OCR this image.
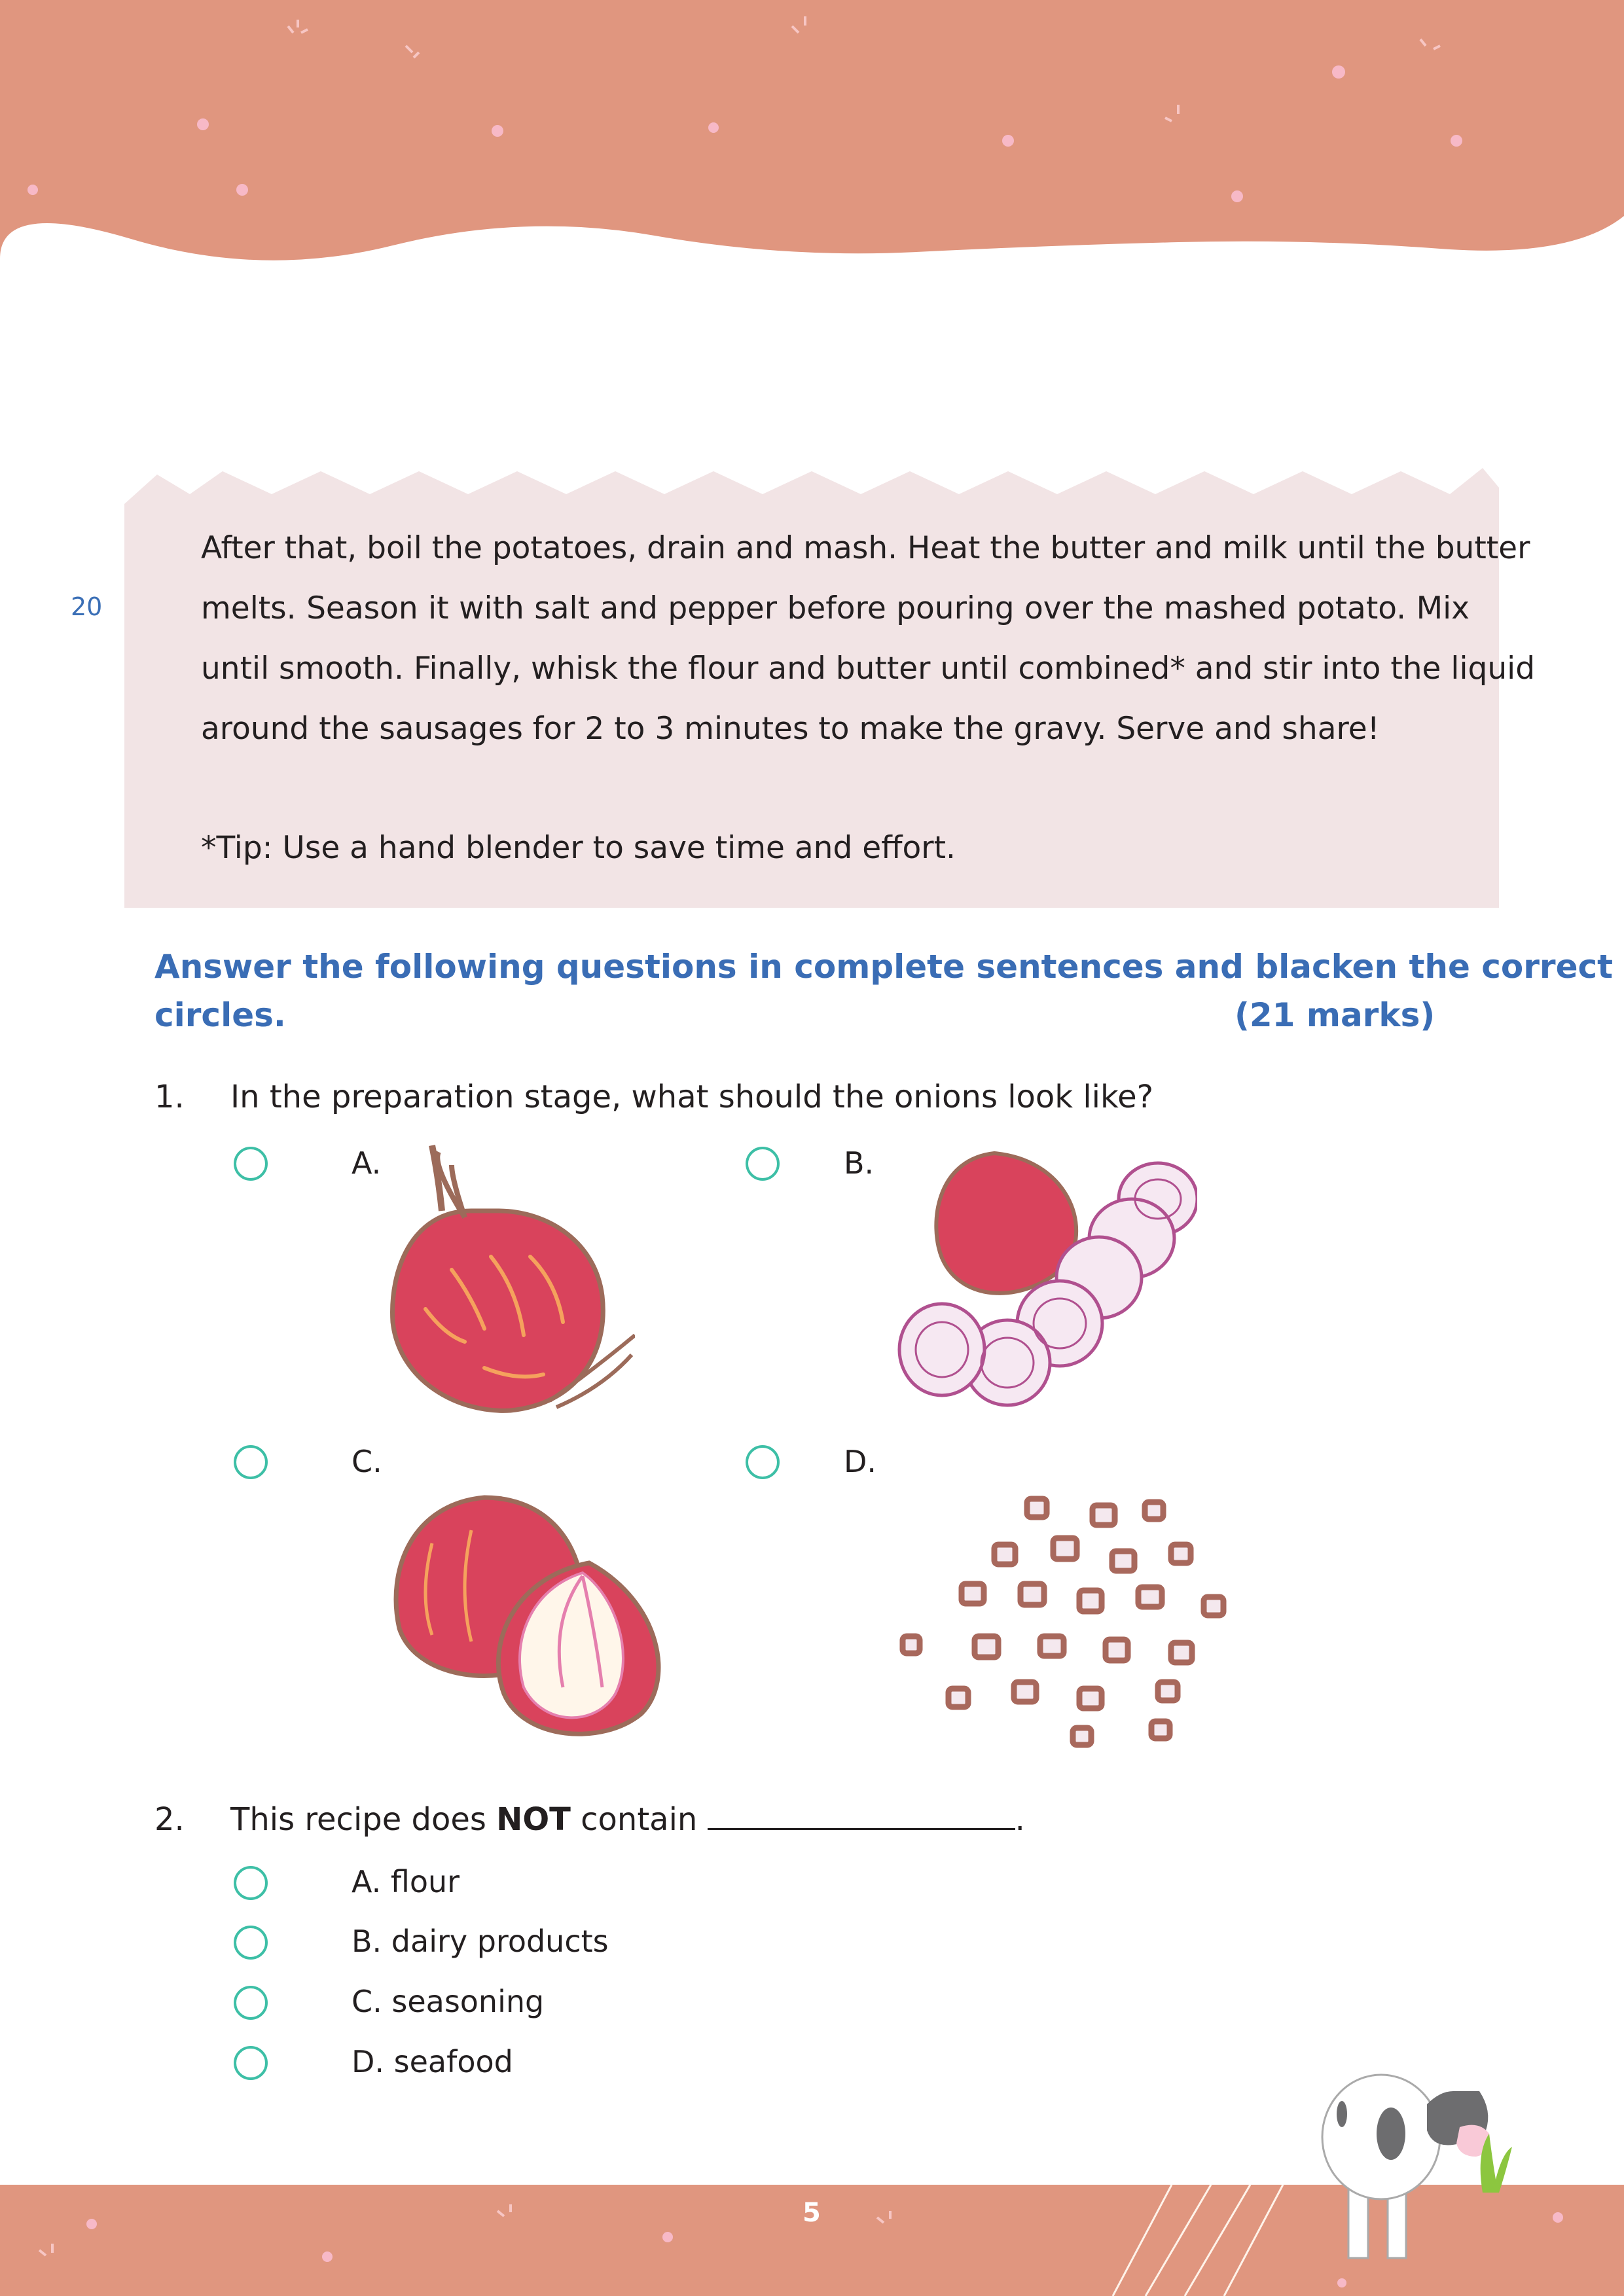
20
After that, boil the potatoes, drain and mash. Heat the butter and milk until the butter
melts. Season it with salt and pepper before pouring over the mashed potato. Mix
until smooth. Finally, whisk the flour and butter until combined* and stir into the liquid
around the sausages for 2 to 3 minutes to make the gravy. Serve and share!
*Tip: Use a hand blender to save time and effort.
Answer the following questions in complete sentences and blacken the correct
circles.	(21 marks)
1. In the preparation stage, what should the onions look like?
A.	B.
C.	D.
2. This recipe does NOT contain	.
A. flour
B. dairy products
C. seasoning
D. seafood
5
